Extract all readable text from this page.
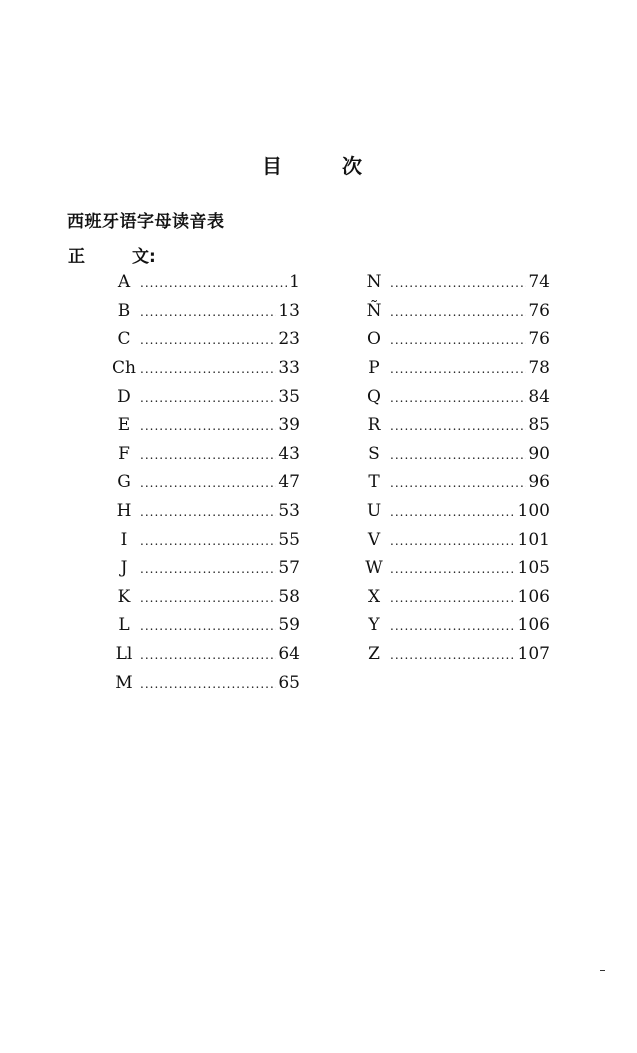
目	次
西班牙语字母读音表
正	文:
A .....	1
B .....	13
C .....	23
Ch .....	33
D .....	35
E .....	39
F .....	43
G .....	47
H .....	53
I .....	55
J .....	57
K .....	58
L .....	59
Ll .....	64
M .....	65
N .....	74
Ñ .....	76
O .....	76
P .....	78
Q .....	84
R .....	85
S .....	90
T .....	96
U .....	100
V .....	101
W .....	105
X .....	106
Y .....	106
Z .....	107
